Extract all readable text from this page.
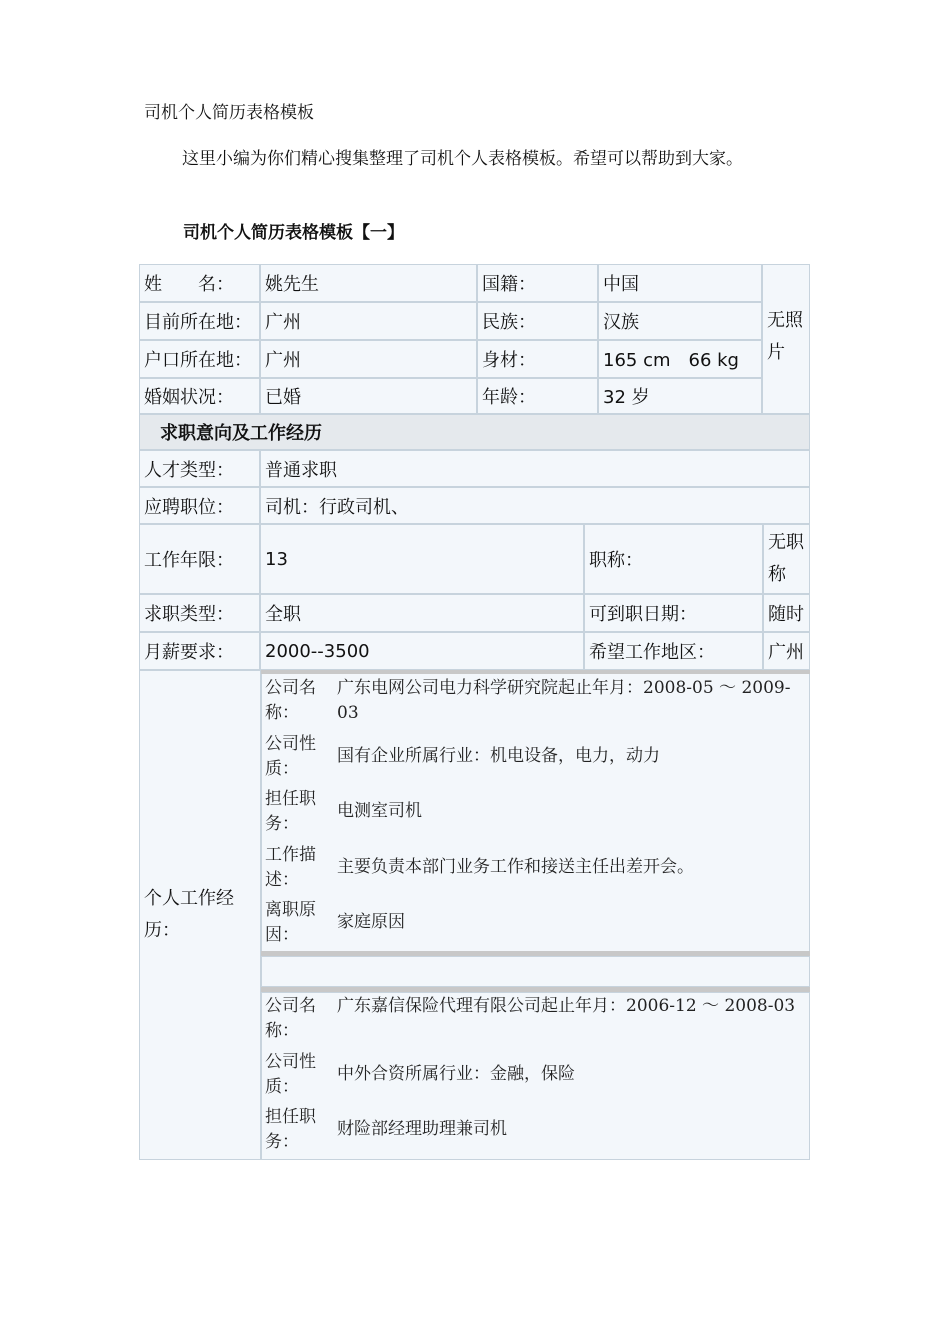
司机个人简历表格模板
这里小编为你们精心搜集整理了司机个人表格模板。希望可以帮助到大家。
司机个人简历表格模板【一】
姓　　名：	姚先生	国籍：	中国
无照片
目前所在地： 广州	民族：	汉族
户口所在地： 广州	身材：	165 cm　66 kg
婚姻状况：	已婚	年龄：	32 岁
求职意向及工作经历
人才类型：	普通求职
应聘职位：	司机：行政司机、
工作年限：	13	职称：
无职称
求职类型：	全职	可到职日期：	随时
月薪要求：	2000--3500	希望工作地区：	广州
个人工作经历：
公司名称：
广东电网公司电力科学研究院起止年月：2008-05 ～ 2009-03
公司性质：
国有企业所属行业：机电设备，电力，动力
担任职务：
电测室司机
工作描述：
主要负责本部门业务工作和接送主任出差开会。
离职原因：
家庭原因
公司名称：
广东嘉信保险代理有限公司起止年月：2006-12 ～ 2008-03
公司性质：
中外合资所属行业：金融，保险
担任职务：
财险部经理助理兼司机
